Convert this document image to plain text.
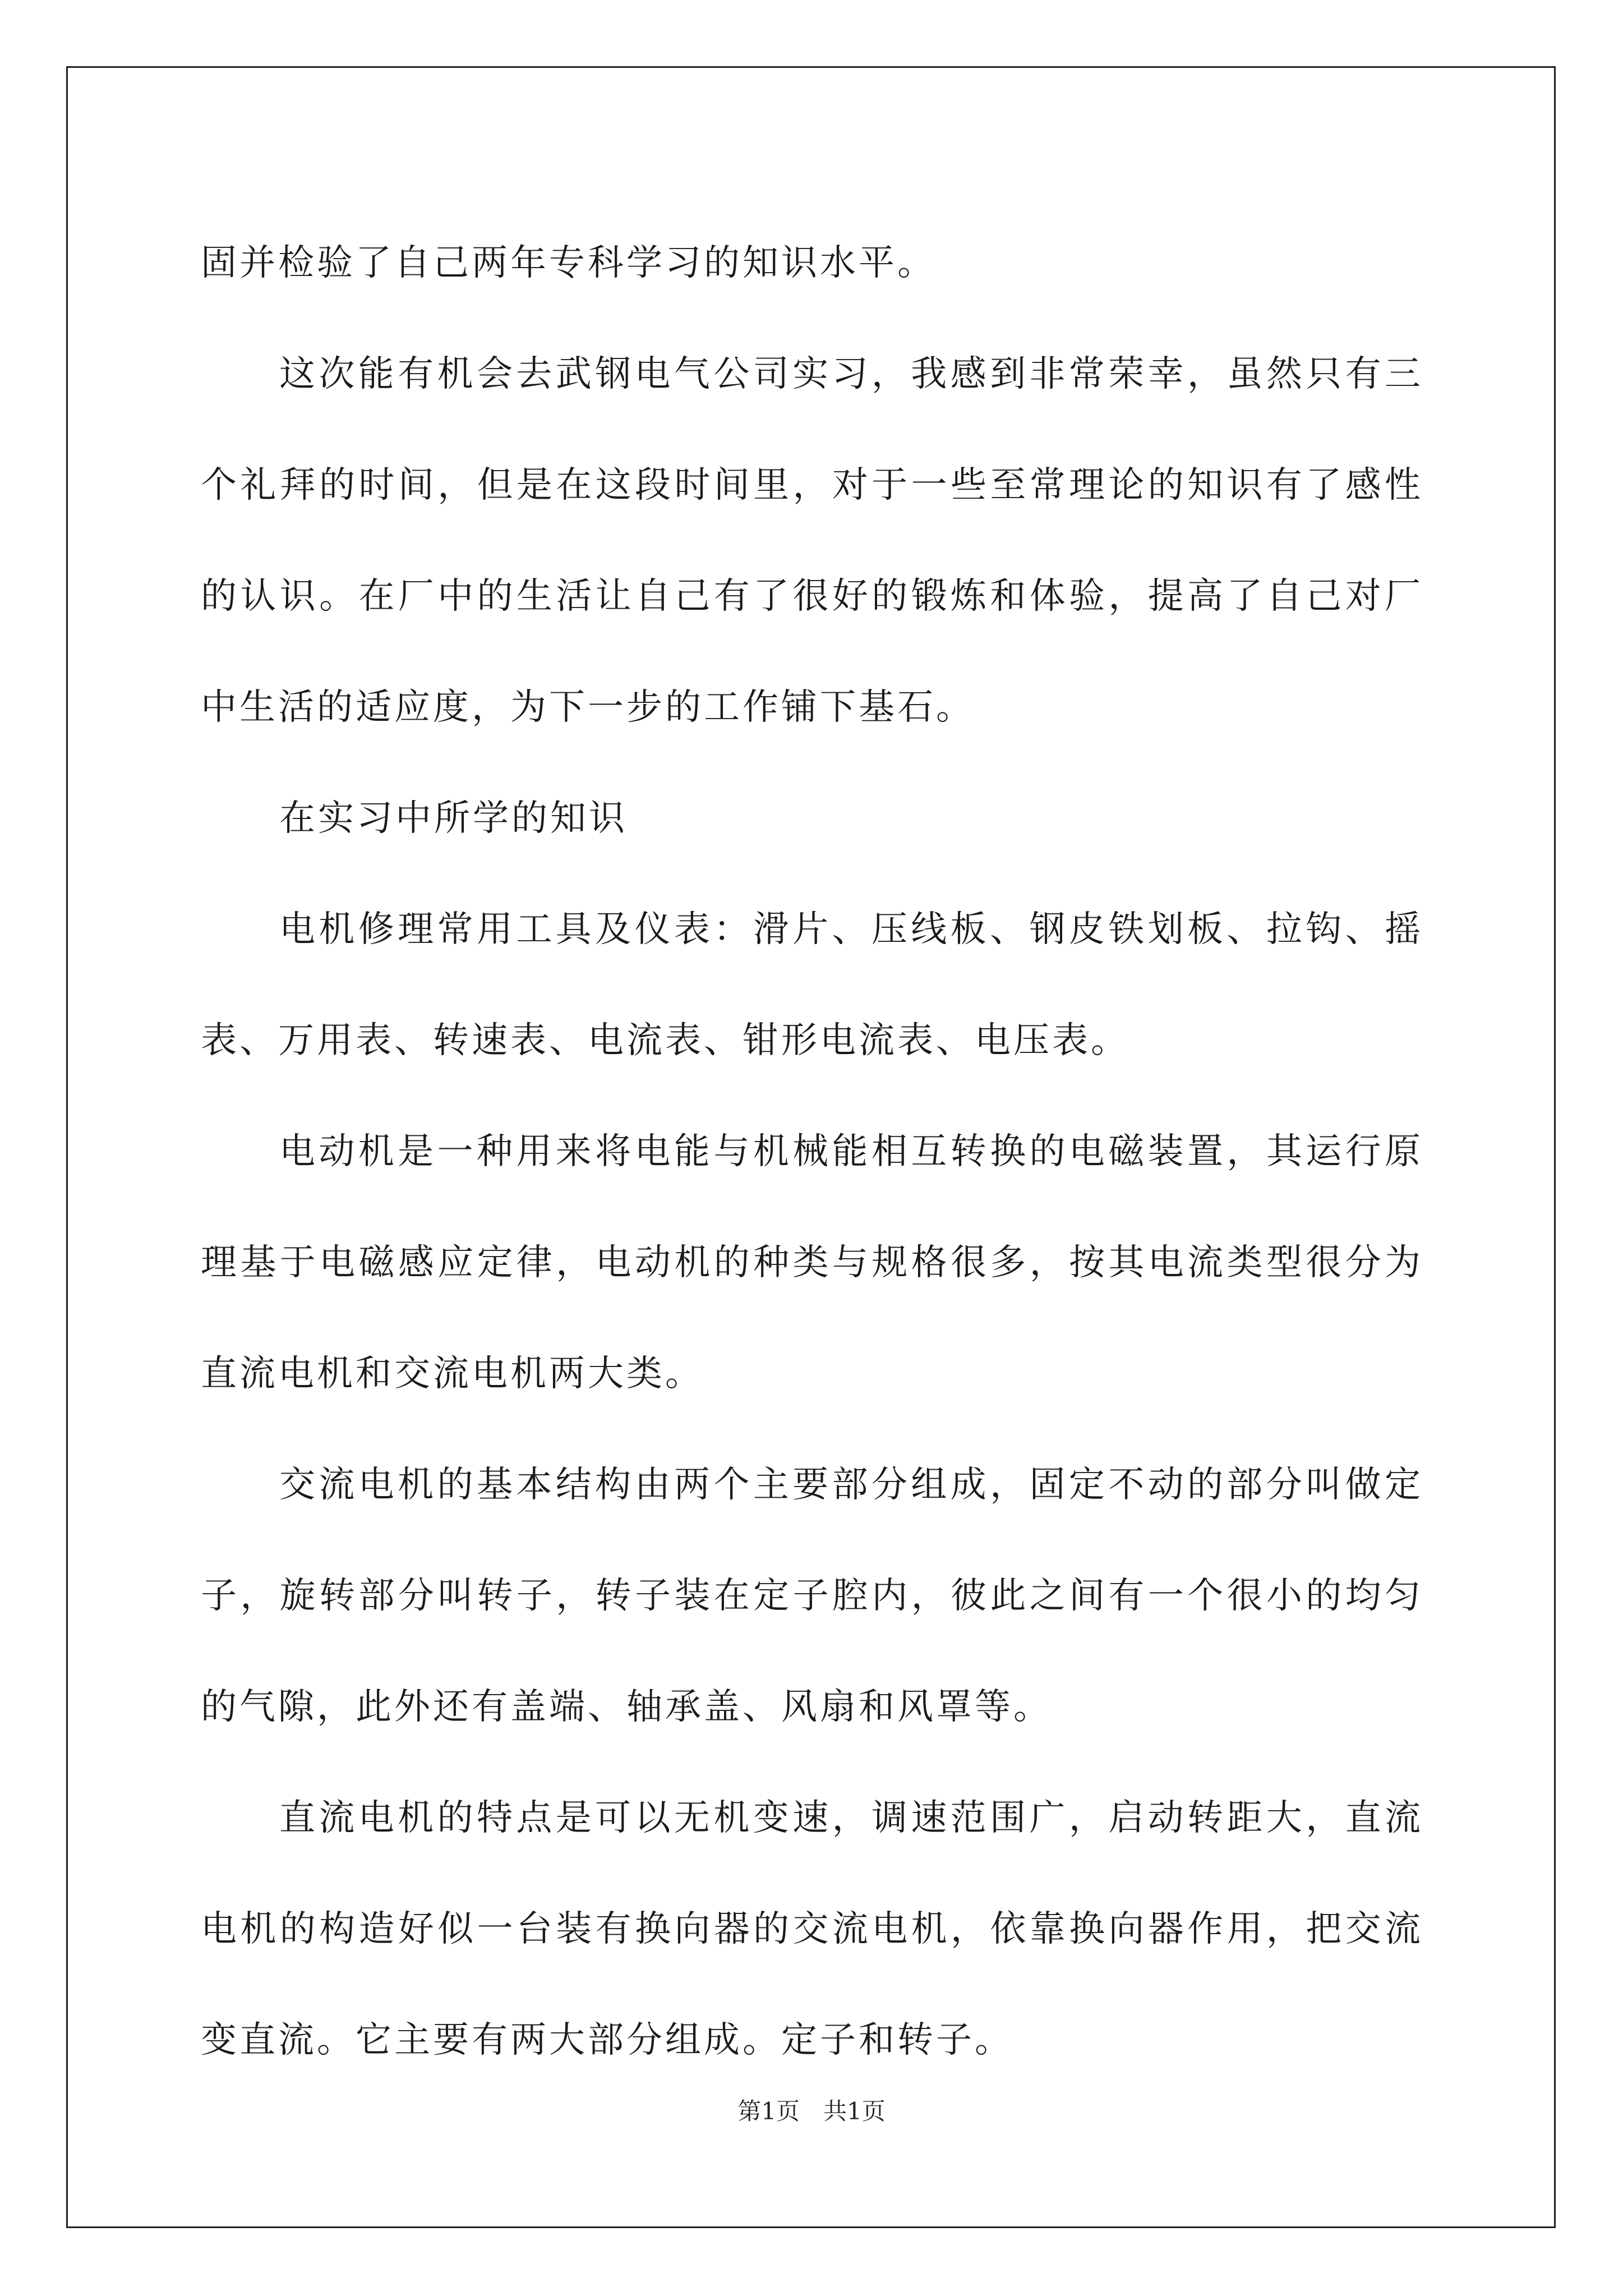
固并检验了自己两年专科学习的知识水平。

这次能有机会去武钢电气公司实习，我感到非常荣幸，虽然只有三个礼拜的时间，但是在这段时间里，对于一些至常理论的知识有了感性的认识。在厂中的生活让自己有了很好的锻炼和体验，提高了自己对厂中生活的适应度，为下一步的工作铺下基石。

在实习中所学的知识

电机修理常用工具及仪表：滑片、压线板、钢皮铁划板、拉钩、摇表、万用表、转速表、电流表、钳形电流表、电压表。

电动机是一种用来将电能与机械能相互转换的电磁装置，其运行原理基于电磁感应定律，电动机的种类与规格很多，按其电流类型很分为直流电机和交流电机两大类。

交流电机的基本结构由两个主要部分组成，固定不动的部分叫做定子，旋转部分叫转子，转子装在定子腔内，彼此之间有一个很小的均匀的气隙，此外还有盖端、轴承盖、风扇和风罩等。

直流电机的特点是可以无机变速，调速范围广，启动转距大，直流电机的构造好似一台装有换向器的交流电机，依靠换向器作用，把交流变直流。它主要有两大部分组成。定子和转子。

第1页　共1页
